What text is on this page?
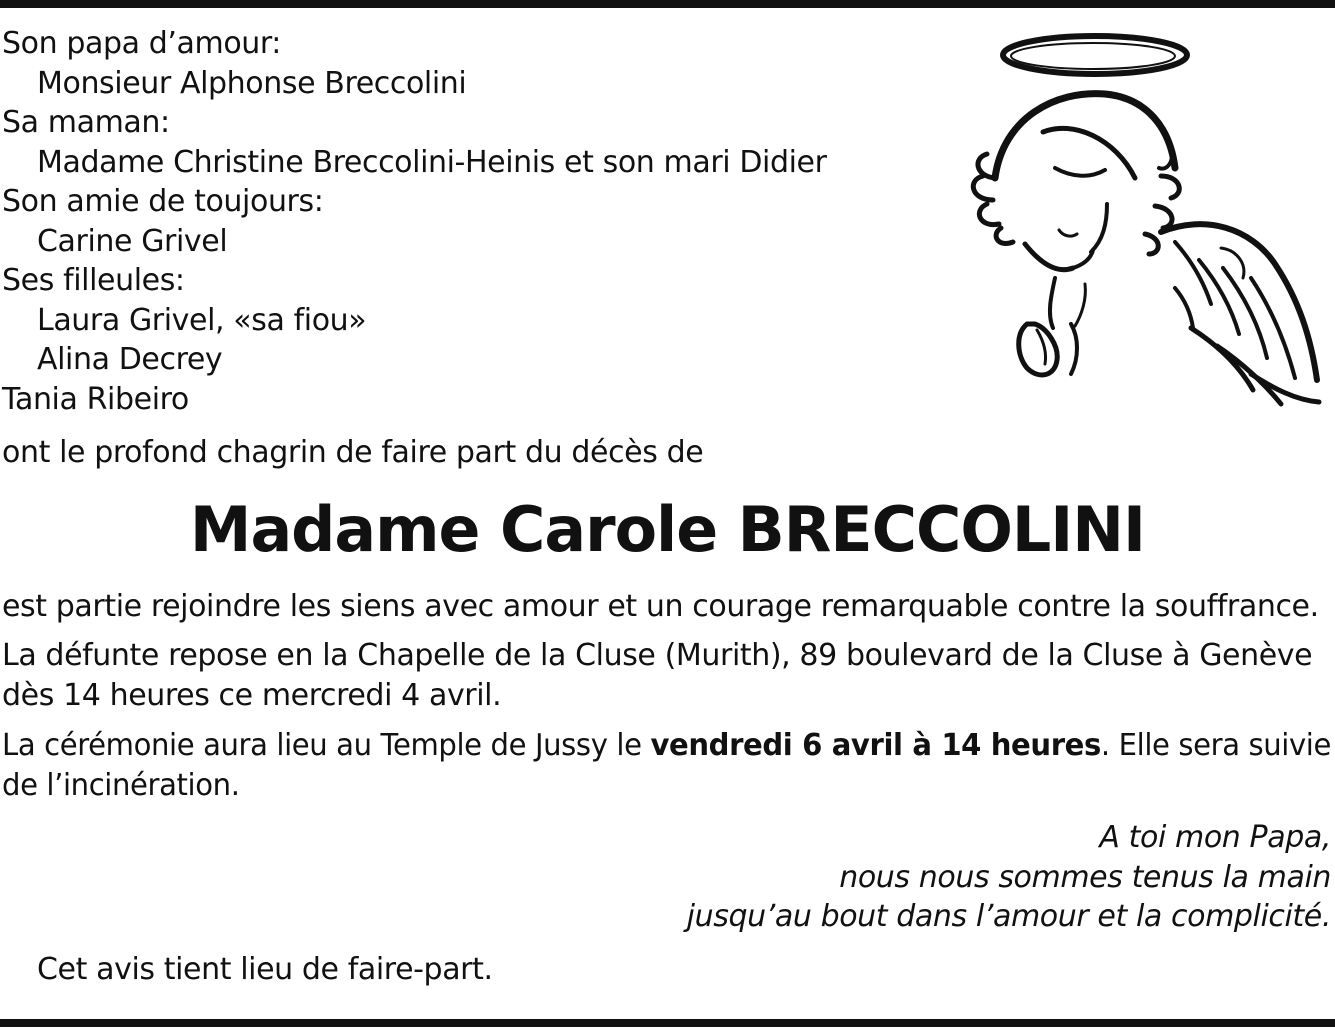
Son papa d’amour:
Monsieur Alphonse Breccolini
Sa maman:
Madame Christine Breccolini-Heinis et son mari Didier
Son amie de toujours:
Carine Grivel
Ses filleules:
Laura Grivel, «sa fiou»
Alina Decrey
Tania Ribeiro
ont le profond chagrin de faire part du décès de
Madame Carole BRECCOLINI
est partie rejoindre les siens avec amour et un courage remarquable contre la souffrance.
La défunte repose en la Chapelle de la Cluse (Murith), 89 boulevard de la Cluse à Genève
dès 14 heures ce mercredi 4 avril.
La cérémonie aura lieu au Temple de Jussy le vendredi 6 avril à 14 heures. Elle sera suivie
de l’incinération.
A toi mon Papa,
nous nous sommes tenus la main
jusqu’au bout dans l’amour et la complicité.
Cet avis tient lieu de faire-part.
